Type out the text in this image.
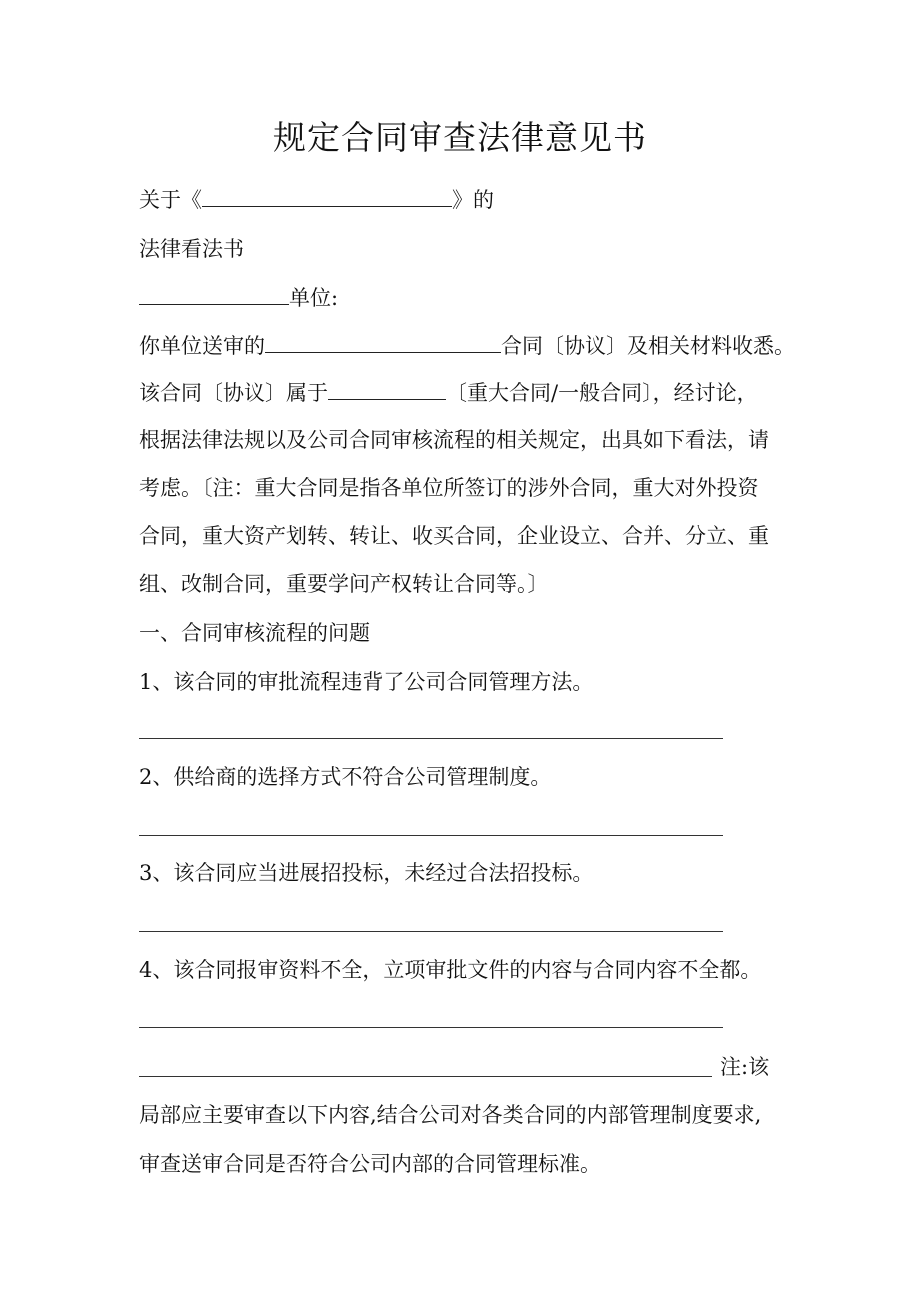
规定合同审查法律意见书
关于《	》的
法律看法书
单位:
你单位送审的	合同〔协议〕及相关材料收悉。
该合同〔协议〕属于	〔重大合同/一般合同〕，经讨论，
根据法律法规以及公司合同审核流程的相关规定，出具如下看法，请
考虑。〔注：重大合同是指各单位所签订的涉外合同，重大对外投资
合同，重大资产划转、转让、收买合同，企业设立、合并、分立、重
组、改制合同，重要学问产权转让合同等。〕
一、合同审核流程的问题
1、该合同的审批流程违背了公司合同管理方法。
2、供给商的选择方式不符合公司管理制度。
3、该合同应当进展招投标，未经过合法招投标。
4、该合同报审资料不全，立项审批文件的内容与合同内容不全都。
注:该
局部应主要审查以下内容,结合公司对各类合同的内部管理制度要求,
审查送审合同是否符合公司内部的合同管理标准。
